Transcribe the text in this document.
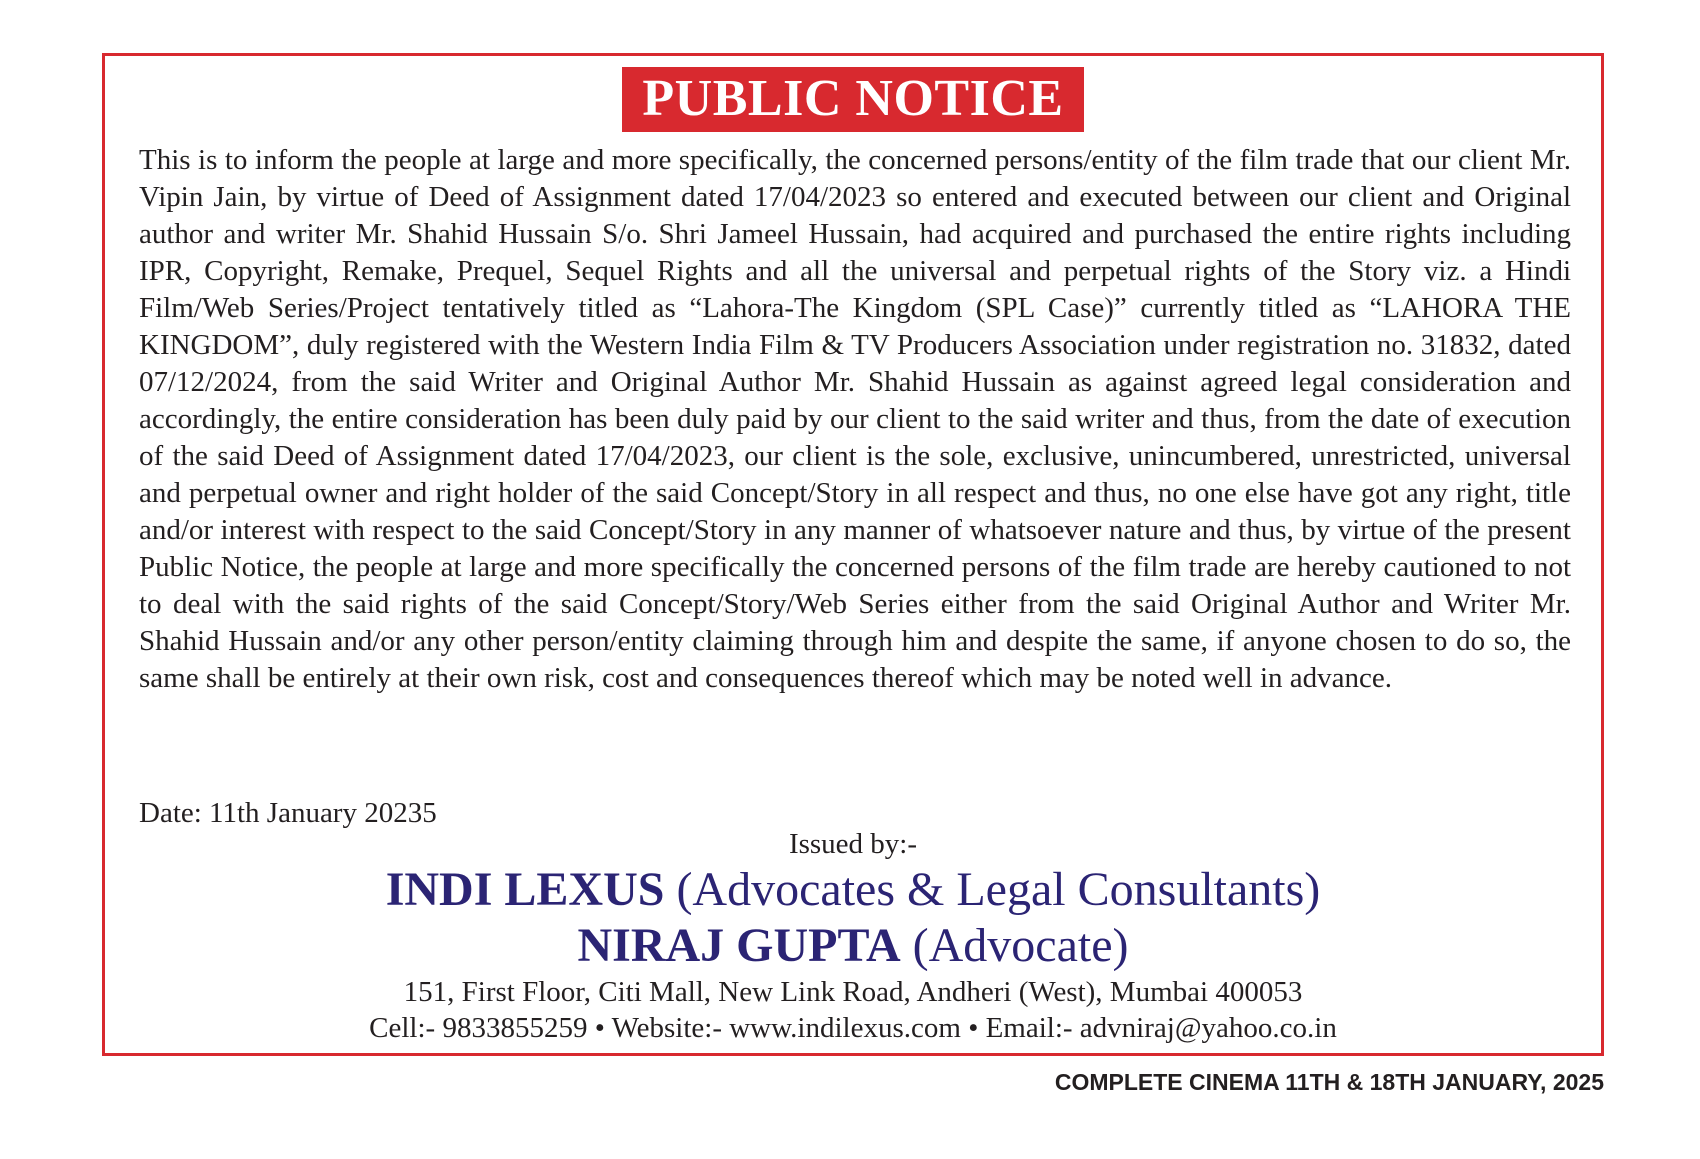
PUBLIC NOTICE

This is to inform the people at large and more specifically, the concerned persons/entity of the film trade that our client Mr. Vipin Jain, by virtue of Deed of Assignment dated 17/04/2023 so entered and executed between our client and Original author and writer Mr. Shahid Hussain S/o. Shri Jameel Hussain, had acquired and purchased the entire rights including IPR, Copyright, Remake, Prequel, Sequel Rights and all the universal and perpetual rights of the Story viz. a Hindi Film/Web Series/Project tentatively titled as “Lahora-The Kingdom (SPL Case)” currently titled as “LAHORA THE KINGDOM”, duly registered with the Western India Film & TV Producers Association under registration no. 31832, dated 07/12/2024, from the said Writer and Original Author Mr. Shahid Hussain as against agreed legal consideration and accordingly, the entire consideration has been duly paid by our client to the said writer and thus, from the date of execution of the said Deed of Assignment dated 17/04/2023, our client is the sole, exclusive, unincumbered, unrestricted, universal and perpetual owner and right holder of the said Concept/Story in all respect and thus, no one else have got any right, title and/or interest with respect to the said Concept/Story in any manner of whatsoever nature and thus, by virtue of the present Public Notice, the people at large and more specifically the concerned persons of the film trade are hereby cautioned to not to deal with the said rights of the said Concept/Story/Web Series either from the said Original Author and Writer Mr. Shahid Hussain and/or any other person/entity claiming through him and despite the same, if anyone chosen to do so, the same shall be entirely at their own risk, cost and consequences thereof which may be noted well in advance.

Date: 11th January 20235
Issued by:-
INDI LEXUS (Advocates & Legal Consultants)
NIRAJ GUPTA (Advocate)
151, First Floor, Citi Mall, New Link Road, Andheri (West), Mumbai 400053
Cell:- 9833855259 • Website:- www.indilexus.com • Email:- advniraj@yahoo.co.in
COMPLETE CINEMA 11TH & 18TH JANUARY, 2025
